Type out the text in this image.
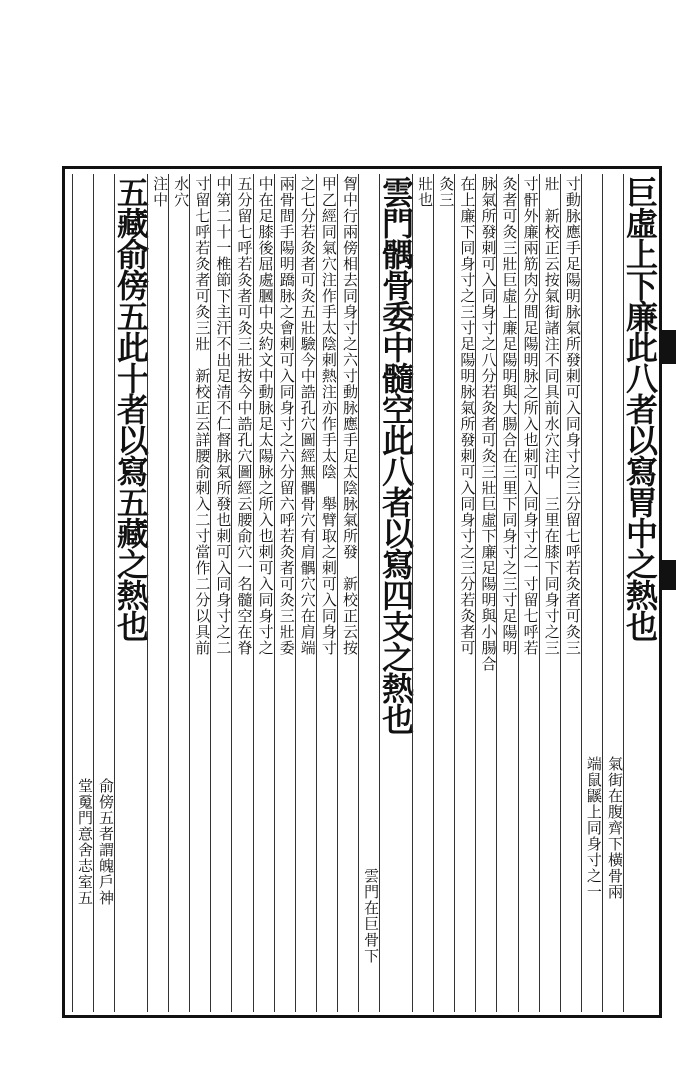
巨虛上下廉此八者以寫胃中之熱也
氣街在腹齊下橫骨兩
端鼠鼷上同身寸之一
寸動脉應手足陽明脉氣所發刺可入同身寸之三分留七呼若灸者可灸三
壯　新校正云按氣街諸注不同具前水穴注中　三里在膝下同身寸之三
寸骭外廉兩筋肉分間足陽明脉之所入也刺可入同身寸之一寸留七呼若
灸者可灸三壯巨虛上廉足陽明與大腸合在三里下同身寸之三寸足陽明
脉氣所發刺可入同身寸之八分若灸者可灸三壯巨虛下廉足陽明與小腸合
在上廉下同身寸之三寸足陽明脉氣所發刺可入同身寸之三分若灸者可
灸三
壯也
雲門髃骨委中髓空此八者以寫四支之熱也
雲門在巨骨下
胷中行兩傍相去同身寸之六寸動脉應手足太陰脉氣所發　新校正云按
甲乙經同氣穴注作手太陰刺熱注亦作手太陰　舉臂取之刺可入同身寸
之七分若灸者可灸五壯驗今中誥孔穴圖經無髃骨穴有肩髃穴穴在肩端
兩骨間手陽明蹻脉之會刺可入同身寸之六分留六呼若灸者可灸三壯委
中在足膝後屈處膕中央約文中動脉足太陽脉之所入也刺可入同身寸之
五分留七呼若灸者可灸三壯按今中誥孔穴圖經云腰俞穴一名髓空在脊
中第二十一椎節下主汗不出足清不仁督脉氣所發也刺可入同身寸之二
寸留七呼若灸者可灸三壯　新校正云詳腰俞刺入二寸當作二分以具前
水穴
注中
五藏俞傍五此十者以寫五藏之熱也
俞傍五者謂魄戶神
堂䰟門意舍志室五
